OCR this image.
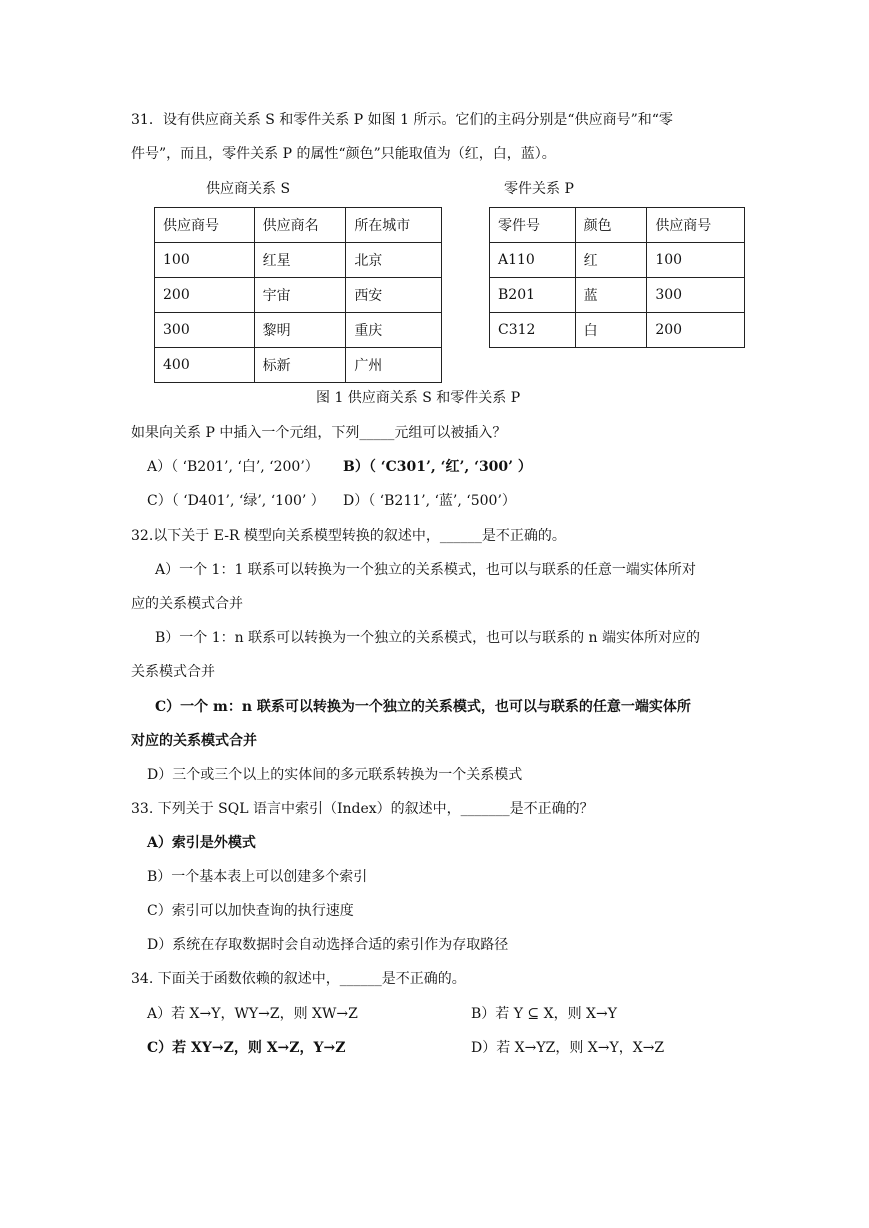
31．设有供应商关系 S 和零件关系 P 如图 1 所示。它们的主码分别是“供应商号”和“零
件号”，而且，零件关系 P 的属性“颜色”只能取值为（红，白，蓝）。
供应商关系 S	零件关系 P
供应商号	供应商名	所在城市
100	红星	北京
200	宇宙	西安
300	黎明	重庆
400	标新	广州
零件号	颜色	供应商号
A110	红	100
B201	蓝	300
C312	白	200
图 1 供应商关系 S 和零件关系 P
如果向关系 P 中插入一个元组，下列_____元组可以被插入？
A）（ ‘B201’, ‘白’, ‘200’） B）（ ‘C301’, ‘红’, ‘300’ ）
C）（ ‘D401’, ‘绿’, ‘100’ ） D）（ ‘B211’, ‘蓝’, ‘500’）
32.以下关于 E-R 模型向关系模型转换的叙述中，______是不正确的。
A）一个 1：1 联系可以转换为一个独立的关系模式，也可以与联系的任意一端实体所对
应的关系模式合并
B）一个 1：n 联系可以转换为一个独立的关系模式，也可以与联系的 n 端实体所对应的
关系模式合并
C）一个 m：n 联系可以转换为一个独立的关系模式，也可以与联系的任意一端实体所
对应的关系模式合并
D）三个或三个以上的实体间的多元联系转换为一个关系模式
33. 下列关于 SQL 语言中索引（Index）的叙述中，_______是不正确的？
A）索引是外模式
B）一个基本表上可以创建多个索引
C）索引可以加快查询的执行速度
D）系统在存取数据时会自动选择合适的索引作为存取路径
34. 下面关于函数依赖的叙述中，______是不正确的。
A）若 X→Y，WY→Z，则 XW→Z	B）若 Y ⊆ X，则 X→Y
C）若 XY→Z，则 X→Z，Y→Z	D）若 X→YZ，则 X→Y，X→Z
